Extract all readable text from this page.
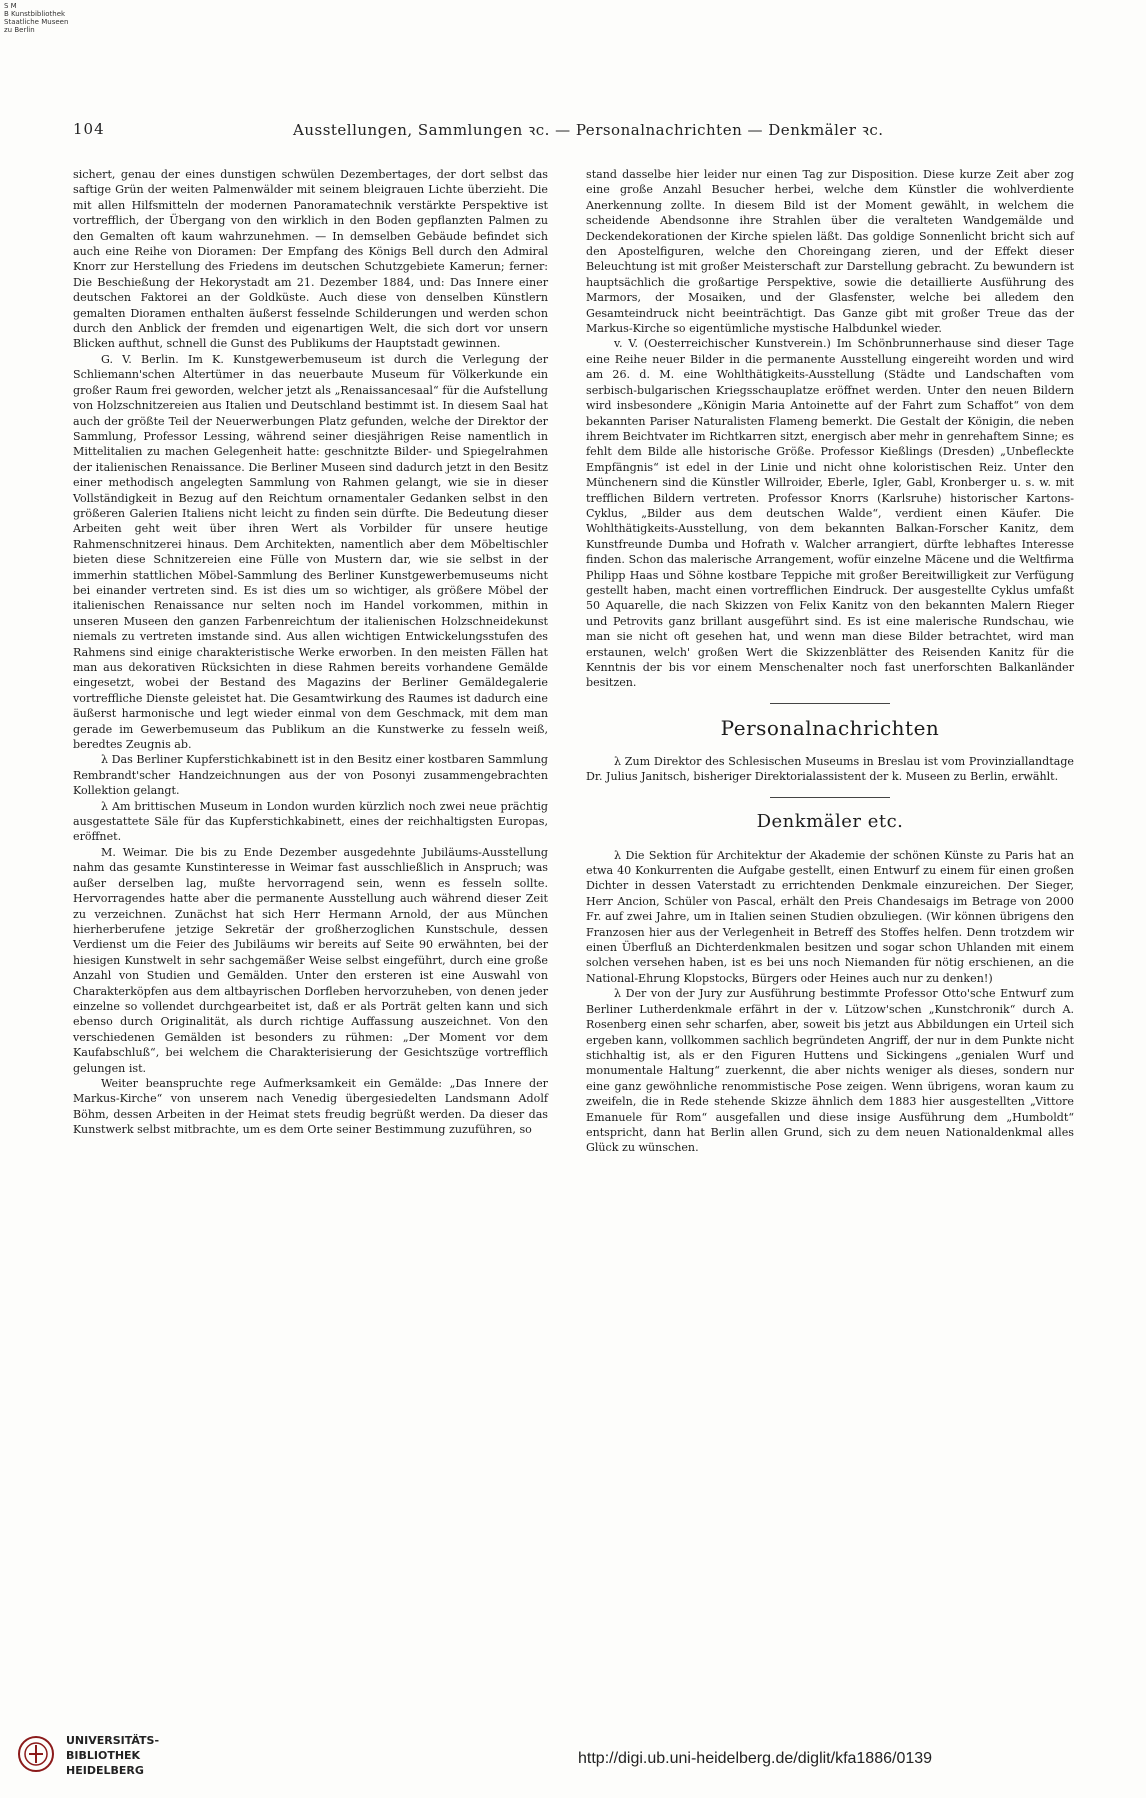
S M
B Kunstbibliothek
Staatliche Museen
zu Berlin
104	Ausstellungen, Sammlungen ꝛc. — Personalnachrichten — Denkmäler ꝛc.

sichert, genau der eines dunstigen schwülen Dezembertages, der dort selbst das saftige Grün der weiten Palmenwälder mit seinem bleigrauen Lichte überzieht. Die mit allen Hilfsmitteln der modernen Panoramatechnik verstärkte Perspektive ist vortrefflich, der Übergang von den wirklich in den Boden gepflanzten Palmen zu den Gemalten oft kaum wahrzunehmen. — In demselben Gebäude befindet sich auch eine Reihe von Dioramen: Der Empfang des Königs Bell durch den Admiral Knorr zur Herstellung des Friedens im deutschen Schutzgebiete Kamerun; ferner: Die Beschießung der Hekorystadt am 21. Dezember 1884, und: Das Innere einer deutschen Faktorei an der Goldküste. Auch diese von denselben Künstlern gemalten Dioramen enthalten äußerst fesselnde Schilderungen und werden schon durch den Anblick der fremden und eigenartigen Welt, die sich dort vor unsern Blicken aufthut, schnell die Gunst des Publikums der Hauptstadt gewinnen.

G. V. Berlin. Im K. Kunstgewerbemuseum ist durch die Verlegung der Schliemann'schen Altertümer in das neuerbaute Museum für Völkerkunde ein großer Raum frei geworden, welcher jetzt als „Renaissancesaal“ für die Aufstellung von Holzschnitzereien aus Italien und Deutschland bestimmt ist. In diesem Saal hat auch der größte Teil der Neuerwerbungen Platz gefunden, welche der Direktor der Sammlung, Professor Lessing, während seiner diesjährigen Reise namentlich in Mittelitalien zu machen Gelegenheit hatte: geschnitzte Bilder- und Spiegelrahmen der italienischen Renaissance. Die Berliner Museen sind dadurch jetzt in den Besitz einer methodisch angelegten Sammlung von Rahmen gelangt, wie sie in dieser Vollständigkeit in Bezug auf den Reichtum ornamentaler Gedanken selbst in den größeren Galerien Italiens nicht leicht zu finden sein dürfte. Die Bedeutung dieser Arbeiten geht weit über ihren Wert als Vorbilder für unsere heutige Rahmenschnitzerei hinaus. Dem Architekten, namentlich aber dem Möbeltischler bieten diese Schnitzereien eine Fülle von Mustern dar, wie sie selbst in der immerhin stattlichen Möbel-Sammlung des Berliner Kunstgewerbemuseums nicht bei einander vertreten sind. Es ist dies um so wichtiger, als größere Möbel der italienischen Renaissance nur selten noch im Handel vorkommen, mithin in unseren Museen den ganzen Farbenreichtum der italienischen Holzschneidekunst niemals zu vertreten imstande sind. Aus allen wichtigen Entwickelungsstufen des Rahmens sind einige charakteristische Werke erworben. In den meisten Fällen hat man aus dekorativen Rücksichten in diese Rahmen bereits vorhandene Gemälde eingesetzt, wobei der Bestand des Magazins der Berliner Gemäldegalerie vortreffliche Dienste geleistet hat. Die Gesamtwirkung des Raumes ist dadurch eine äußerst harmonische und legt wieder einmal von dem Geschmack, mit dem man gerade im Gewerbemuseum das Publikum an die Kunstwerke zu fesseln weiß, beredtes Zeugnis ab.

λ Das Berliner Kupferstichkabinett ist in den Besitz einer kostbaren Sammlung Rembrandt'scher Handzeichnungen aus der von Posonyi zusammengebrachten Kollektion gelangt.

λ Am brittischen Museum in London wurden kürzlich noch zwei neue prächtig ausgestattete Säle für das Kupferstichkabinett, eines der reichhaltigsten Europas, eröffnet.

M. Weimar. Die bis zu Ende Dezember ausgedehnte Jubiläums-Ausstellung nahm das gesamte Kunstinteresse in Weimar fast ausschließlich in Anspruch; was außer derselben lag, mußte hervorragend sein, wenn es fesseln sollte. Hervorragendes hatte aber die permanente Ausstellung auch während dieser Zeit zu verzeichnen. Zunächst hat sich Herr Hermann Arnold, der aus München hierherberufene jetzige Sekretär der großherzoglichen Kunstschule, dessen Verdienst um die Feier des Jubiläums wir bereits auf Seite 90 erwähnten, bei der hiesigen Kunstwelt in sehr sachgemäßer Weise selbst eingeführt, durch eine große Anzahl von Studien und Gemälden. Unter den ersteren ist eine Auswahl von Charakterköpfen aus dem altbayrischen Dorfleben hervorzuheben, von denen jeder einzelne so vollendet durchgearbeitet ist, daß er als Porträt gelten kann und sich ebenso durch Originalität, als durch richtige Auffassung auszeichnet. Von den verschiedenen Gemälden ist besonders zu rühmen: „Der Moment vor dem Kaufabschluß“, bei welchem die Charakterisierung der Gesichtszüge vortrefflich gelungen ist.

Weiter beanspruchte rege Aufmerksamkeit ein Gemälde: „Das Innere der Markus-Kirche“ von unserem nach Venedig übergesiedelten Landsmann Adolf Böhm, dessen Arbeiten in der Heimat stets freudig begrüßt werden. Da dieser das Kunstwerk selbst mitbrachte, um es dem Orte seiner Bestimmung zuzuführen, so

stand dasselbe hier leider nur einen Tag zur Disposition. Diese kurze Zeit aber zog eine große Anzahl Besucher herbei, welche dem Künstler die wohlverdiente Anerkennung zollte. In diesem Bild ist der Moment gewählt, in welchem die scheidende Abendsonne ihre Strahlen über die veralteten Wandgemälde und Deckendekorationen der Kirche spielen läßt. Das goldige Sonnenlicht bricht sich auf den Apostelfiguren, welche den Choreingang zieren, und der Effekt dieser Beleuchtung ist mit großer Meisterschaft zur Darstellung gebracht. Zu bewundern ist hauptsächlich die großartige Perspektive, sowie die detaillierte Ausführung des Marmors, der Mosaiken, und der Glasfenster, welche bei alledem den Gesamteindruck nicht beeinträchtigt. Das Ganze gibt mit großer Treue das der Markus-Kirche so eigentümliche mystische Halbdunkel wieder.

v. V. (Oesterreichischer Kunstverein.) Im Schönbrunnerhause sind dieser Tage eine Reihe neuer Bilder in die permanente Ausstellung eingereiht worden und wird am 26. d. M. eine Wohlthätigkeits-Ausstellung (Städte und Landschaften vom serbisch-bulgarischen Kriegsschauplatze eröffnet werden. Unter den neuen Bildern wird insbesondere „Königin Maria Antoinette auf der Fahrt zum Schaffot“ von dem bekannten Pariser Naturalisten Flameng bemerkt. Die Gestalt der Königin, die neben ihrem Beichtvater im Richtkarren sitzt, energisch aber mehr in genrehaftem Sinne; es fehlt dem Bilde alle historische Größe. Professor Kießlings (Dresden) „Unbefleckte Empfängnis“ ist edel in der Linie und nicht ohne koloristischen Reiz. Unter den Münchenern sind die Künstler Willroider, Eberle, Igler, Gabl, Kronberger u. s. w. mit trefflichen Bildern vertreten. Professor Knorrs (Karlsruhe) historischer Kartons-Cyklus, „Bilder aus dem deutschen Walde“, verdient einen Käufer. Die Wohlthätigkeits-Ausstellung, von dem bekannten Balkan-Forscher Kanitz, dem Kunstfreunde Dumba und Hofrath v. Walcher arrangiert, dürfte lebhaftes Interesse finden. Schon das malerische Arrangement, wofür einzelne Mäcene und die Weltfirma Philipp Haas und Söhne kostbare Teppiche mit großer Bereitwilligkeit zur Verfügung gestellt haben, macht einen vortrefflichen Eindruck. Der ausgestellte Cyklus umfaßt 50 Aquarelle, die nach Skizzen von Felix Kanitz von den bekannten Malern Rieger und Petrovits ganz brillant ausgeführt sind. Es ist eine malerische Rundschau, wie man sie nicht oft gesehen hat, und wenn man diese Bilder betrachtet, wird man erstaunen, welch' großen Wert die Skizzenblätter des Reisenden Kanitz für die Kenntnis der bis vor einem Menschenalter noch fast unerforschten Balkanländer besitzen.

Personalnachrichten

λ Zum Direktor des Schlesischen Museums in Breslau ist vom Provinziallandtage Dr. Julius Janitsch, bisheriger Direktorialassistent der k. Museen zu Berlin, erwählt.

Denkmäler etc.

λ Die Sektion für Architektur der Akademie der schönen Künste zu Paris hat an etwa 40 Konkurrenten die Aufgabe gestellt, einen Entwurf zu einem für einen großen Dichter in dessen Vaterstadt zu errichtenden Denkmale einzureichen. Der Sieger, Herr Ancion, Schüler von Pascal, erhält den Preis Chandesaigs im Betrage von 2000 Fr. auf zwei Jahre, um in Italien seinen Studien obzuliegen. (Wir können übrigens den Franzosen hier aus der Verlegenheit in Betreff des Stoffes helfen. Denn trotzdem wir einen Überfluß an Dichterdenkmalen besitzen und sogar schon Uhlanden mit einem solchen versehen haben, ist es bei uns noch Niemanden für nötig erschienen, an die National-Ehrung Klopstocks, Bürgers oder Heines auch nur zu denken!)

λ Der von der Jury zur Ausführung bestimmte Professor Otto'sche Entwurf zum Berliner Lutherdenkmale erfährt in der v. Lützow'schen „Kunstchronik“ durch A. Rosenberg einen sehr scharfen, aber, soweit bis jetzt aus Abbildungen ein Urteil sich ergeben kann, vollkommen sachlich begründeten Angriff, der nur in dem Punkte nicht stichhaltig ist, als er den Figuren Huttens und Sickingens „genialen Wurf und monumentale Haltung“ zuerkennt, die aber nichts weniger als dieses, sondern nur eine ganz gewöhnliche renommistische Pose zeigen. Wenn übrigens, woran kaum zu zweifeln, die in Rede stehende Skizze ähnlich dem 1883 hier ausgestellten „Vittore Emanuele für Rom“ ausgefallen und diese insige Ausführung dem „Humboldt“ entspricht, dann hat Berlin allen Grund, sich zu dem neuen Nationaldenkmal alles Glück zu wünschen.

UNIVERSITÄTS-
BIBLIOTHEK
HEIDELBERG
http://digi.ub.uni-heidelberg.de/diglit/kfa1886/0139
